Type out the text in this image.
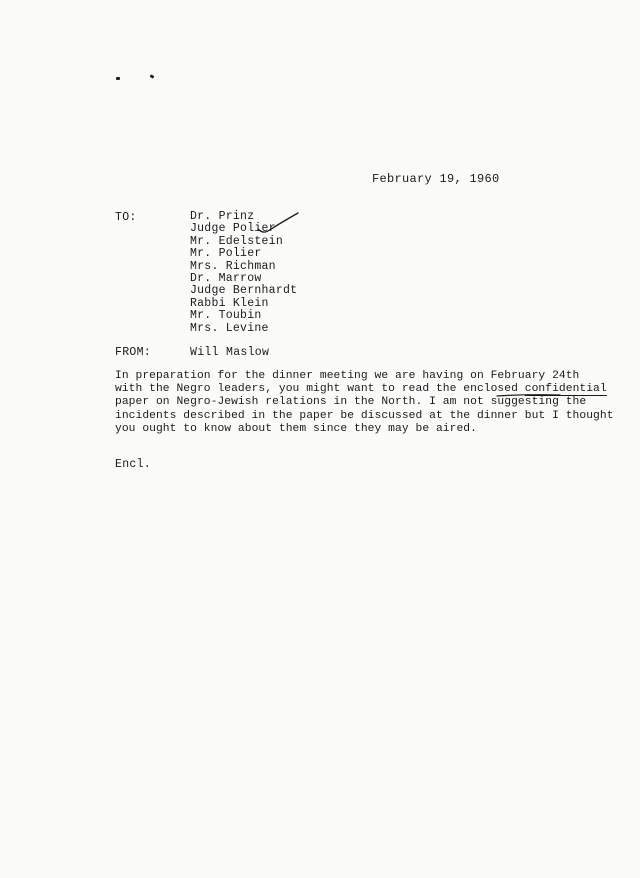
February 19, 1960
TO:	Dr. Prinz
Judge Polier
Mr. Edelstein
Mr. Polier
Mrs. Richman
Dr. Marrow
Judge Bernhardt
Rabbi Klein
Mr. Toubin
Mrs. Levine
FROM:	Will Maslow
In preparation for the dinner meeting we are having on February 24th
with the Negro leaders, you might want to read the enclosed confidential
paper on Negro-Jewish relations in the North. I am not suggesting the
incidents described in the paper be discussed at the dinner but I thought
you ought to know about them since they may be aired.
Encl.
